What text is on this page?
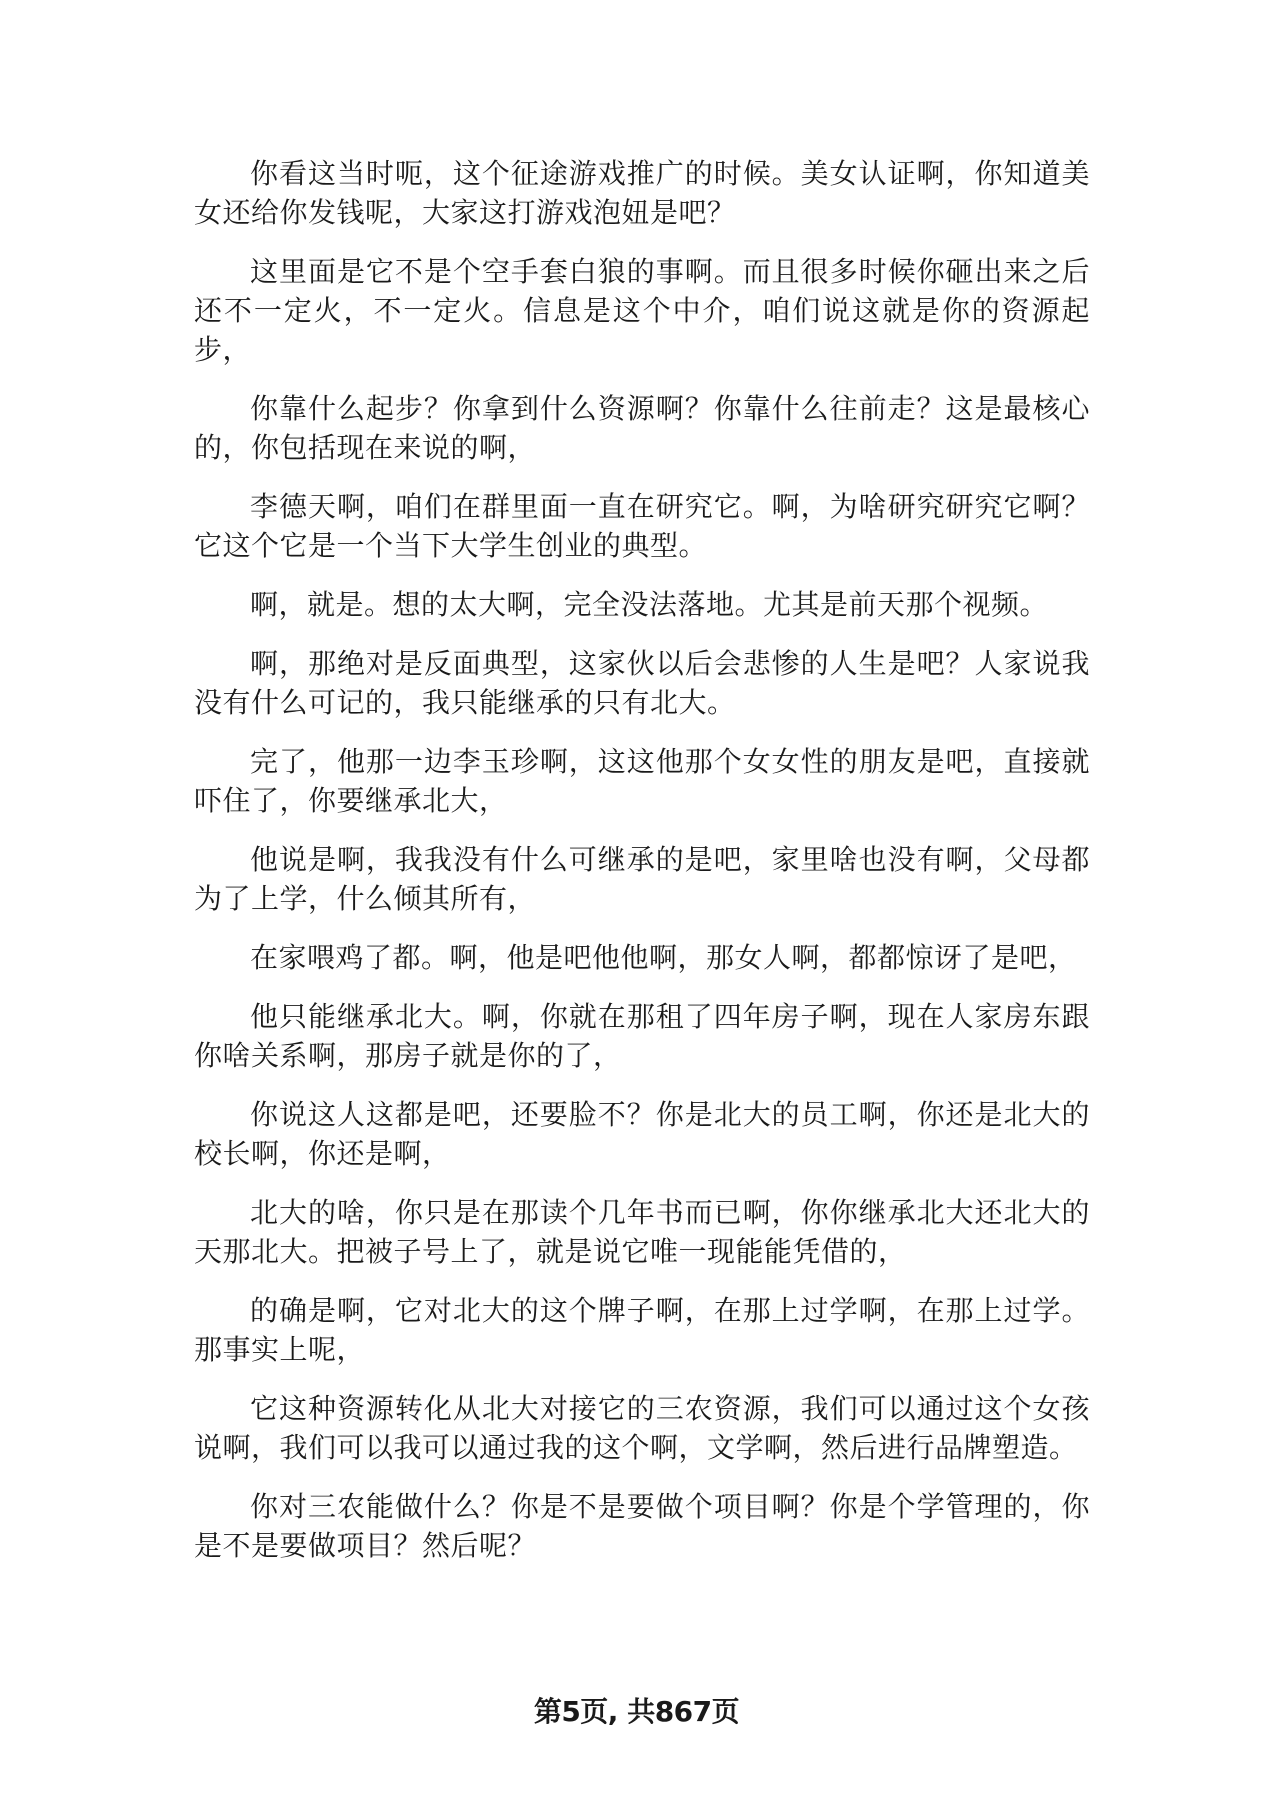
你看这当时呃，这个征途游戏推广的时候。美女认证啊，你知道美女还给你发钱呢，大家这打游戏泡妞是吧？

这里面是它不是个空手套白狼的事啊。而且很多时候你砸出来之后还不一定火，不一定火。信息是这个中介，咱们说这就是你的资源起步，

你靠什么起步？你拿到什么资源啊？你靠什么往前走？这是最核心的，你包括现在来说的啊，

李德天啊，咱们在群里面一直在研究它。啊，为啥研究研究它啊？它这个它是一个当下大学生创业的典型。

啊，就是。想的太大啊，完全没法落地。尤其是前天那个视频。

啊，那绝对是反面典型，这家伙以后会悲惨的人生是吧？人家说我没有什么可记的，我只能继承的只有北大。

完了，他那一边李玉珍啊，这这他那个女女性的朋友是吧，直接就吓住了，你要继承北大，

他说是啊，我我没有什么可继承的是吧，家里啥也没有啊，父母都为了上学，什么倾其所有，

在家喂鸡了都。啊，他是吧他他啊，那女人啊，都都惊讶了是吧，

他只能继承北大。啊，你就在那租了四年房子啊，现在人家房东跟你啥关系啊，那房子就是你的了，

你说这人这都是吧，还要脸不？你是北大的员工啊，你还是北大的校长啊，你还是啊，

北大的啥，你只是在那读个几年书而已啊，你你继承北大还北大的天那北大。把被子号上了，就是说它唯一现能能凭借的，

的确是啊，它对北大的这个牌子啊，在那上过学啊，在那上过学。那事实上呢，

它这种资源转化从北大对接它的三农资源，我们可以通过这个女孩说啊，我们可以我可以通过我的这个啊，文学啊，然后进行品牌塑造。

你对三农能做什么？你是不是要做个项目啊？你是个学管理的，你是不是要做项目？然后呢？

第5页, 共867页
